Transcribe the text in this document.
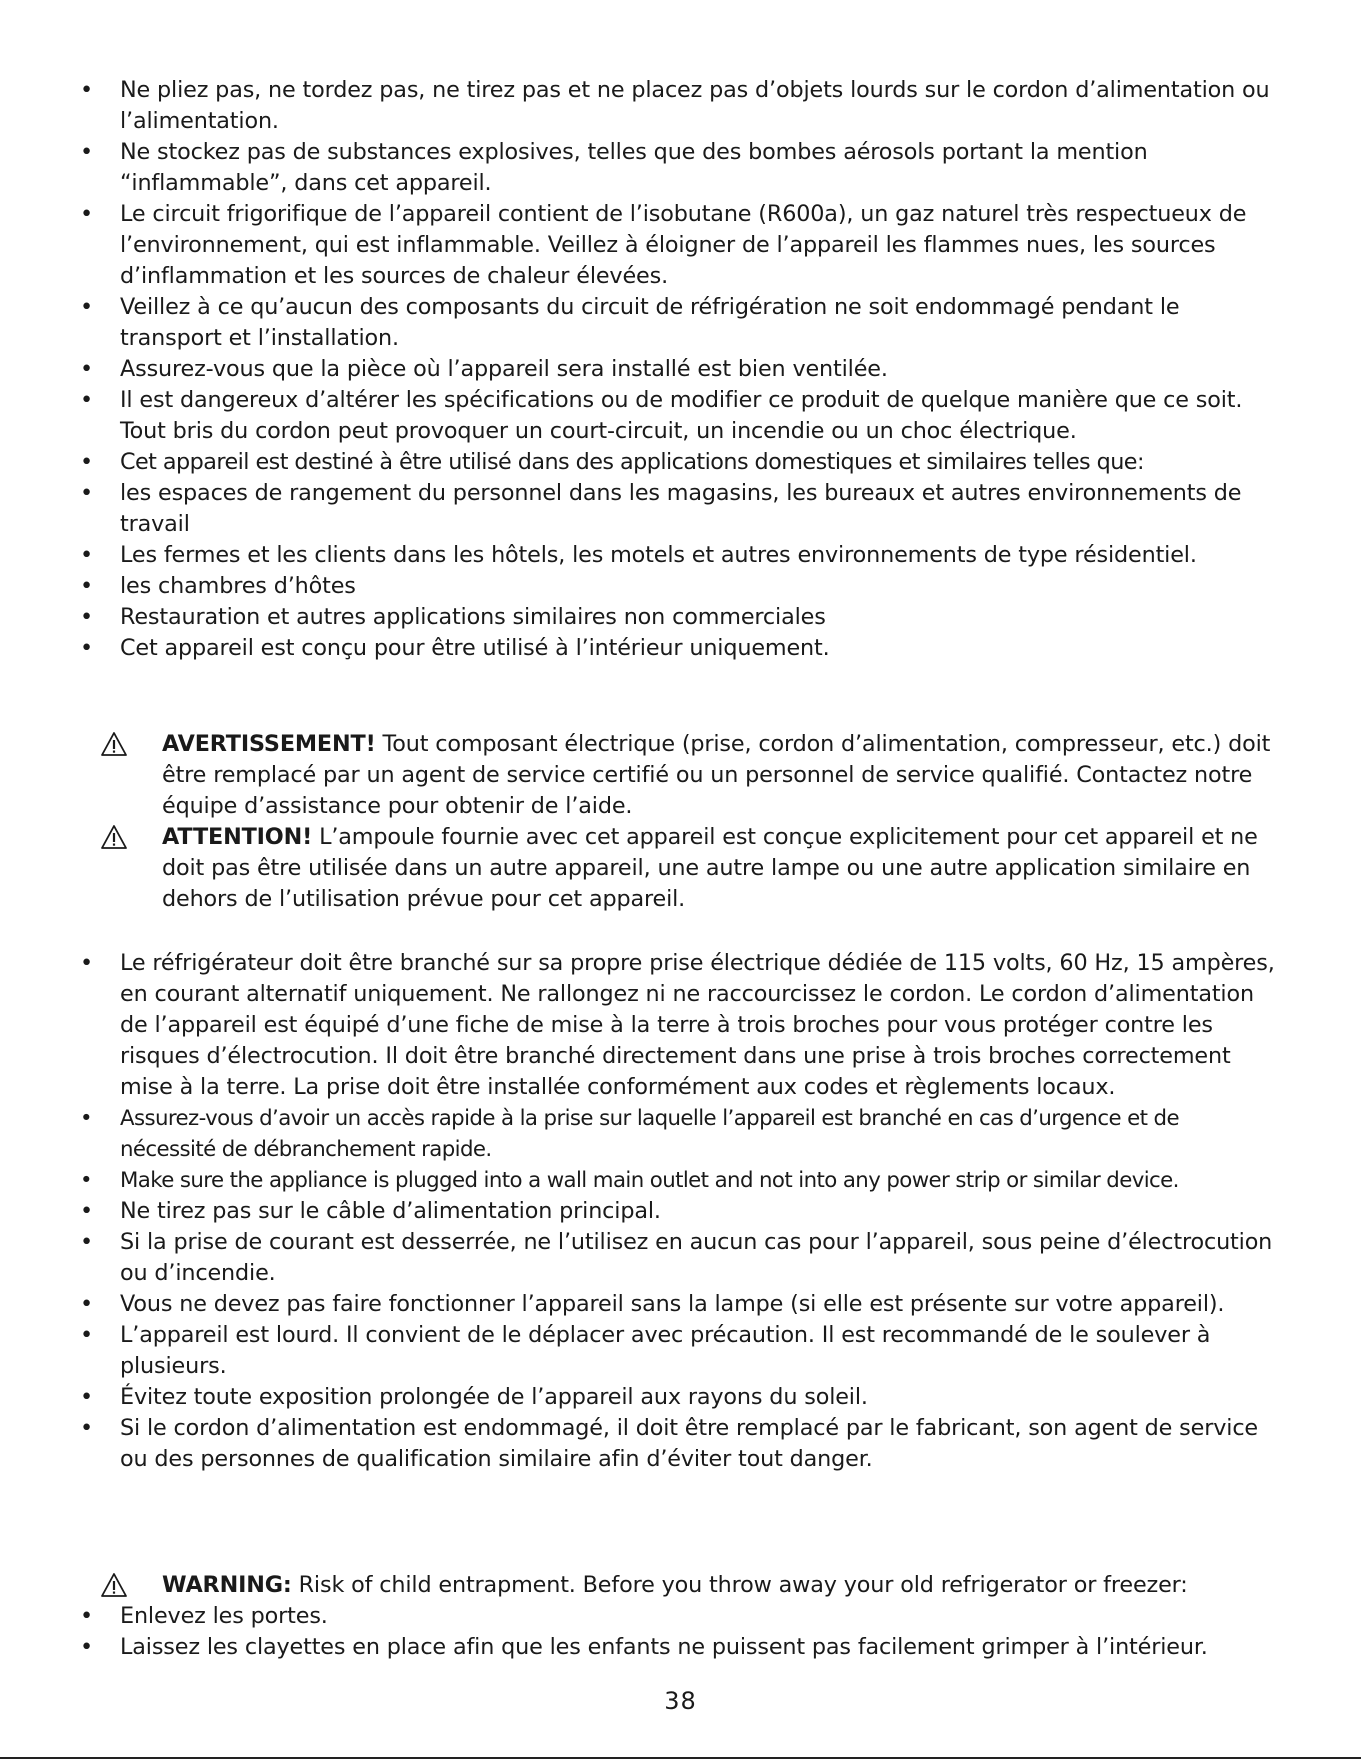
• Ne pliez pas, ne tordez pas, ne tirez pas et ne placez pas d’objets lourds sur le cordon d’alimentation ou l’alimentation.
• Ne stockez pas de substances explosives, telles que des bombes aérosols portant la mention “inflammable”, dans cet appareil.
• Le circuit frigorifique de l’appareil contient de l’isobutane (R600a), un gaz naturel très respectueux de l’environnement, qui est inflammable. Veillez à éloigner de l’appareil les flammes nues, les sources d’inflammation et les sources de chaleur élevées.
• Veillez à ce qu’aucun des composants du circuit de réfrigération ne soit endommagé pendant le transport et l’installation.
• Assurez-vous que la pièce où l’appareil sera installé est bien ventilée.
• Il est dangereux d’altérer les spécifications ou de modifier ce produit de quelque manière que ce soit. Tout bris du cordon peut provoquer un court-circuit, un incendie ou un choc électrique.
• Cet appareil est destiné à être utilisé dans des applications domestiques et similaires telles que:
• les espaces de rangement du personnel dans les magasins, les bureaux et autres environnements de travail
• Les fermes et les clients dans les hôtels, les motels et autres environnements de type résidentiel.
• les chambres d’hôtes
• Restauration et autres applications similaires non commerciales
• Cet appareil est conçu pour être utilisé à l’intérieur uniquement.
AVERTISSEMENT! Tout composant électrique (prise, cordon d’alimentation, compresseur, etc.) doit être remplacé par un agent de service certifié ou un personnel de service qualifié. Contactez notre équipe d’assistance pour obtenir de l’aide.
ATTENTION! L’ampoule fournie avec cet appareil est conçue explicitement pour cet appareil et ne doit pas être utilisée dans un autre appareil, une autre lampe ou une autre application similaire en dehors de l’utilisation prévue pour cet appareil.
• Le réfrigérateur doit être branché sur sa propre prise électrique dédiée de 115 volts, 60 Hz, 15 ampères, en courant alternatif uniquement. Ne rallongez ni ne raccourcissez le cordon. Le cordon d’alimentation de l’appareil est équipé d’une fiche de mise à la terre à trois broches pour vous protéger contre les risques d’électrocution. Il doit être branché directement dans une prise à trois broches correctement mise à la terre. La prise doit être installée conformément aux codes et règlements locaux.
• Assurez-vous d’avoir un accès rapide à la prise sur laquelle l’appareil est branché en cas d’urgence et de nécessité de débranchement rapide.
• Make sure the appliance is plugged into a wall main outlet and not into any power strip or similar device.
• Ne tirez pas sur le câble d’alimentation principal.
• Si la prise de courant est desserrée, ne l’utilisez en aucun cas pour l’appareil, sous peine d’électrocution ou d’incendie.
• Vous ne devez pas faire fonctionner l’appareil sans la lampe (si elle est présente sur votre appareil).
• L’appareil est lourd. Il convient de le déplacer avec précaution. Il est recommandé de le soulever à plusieurs.
• Évitez toute exposition prolongée de l’appareil aux rayons du soleil.
• Si le cordon d’alimentation est endommagé, il doit être remplacé par le fabricant, son agent de service ou des personnes de qualification similaire afin d’éviter tout danger.
WARNING: Risk of child entrapment. Before you throw away your old refrigerator or freezer:
• Enlevez les portes.
• Laissez les clayettes en place afin que les enfants ne puissent pas facilement grimper à l’intérieur.
38
